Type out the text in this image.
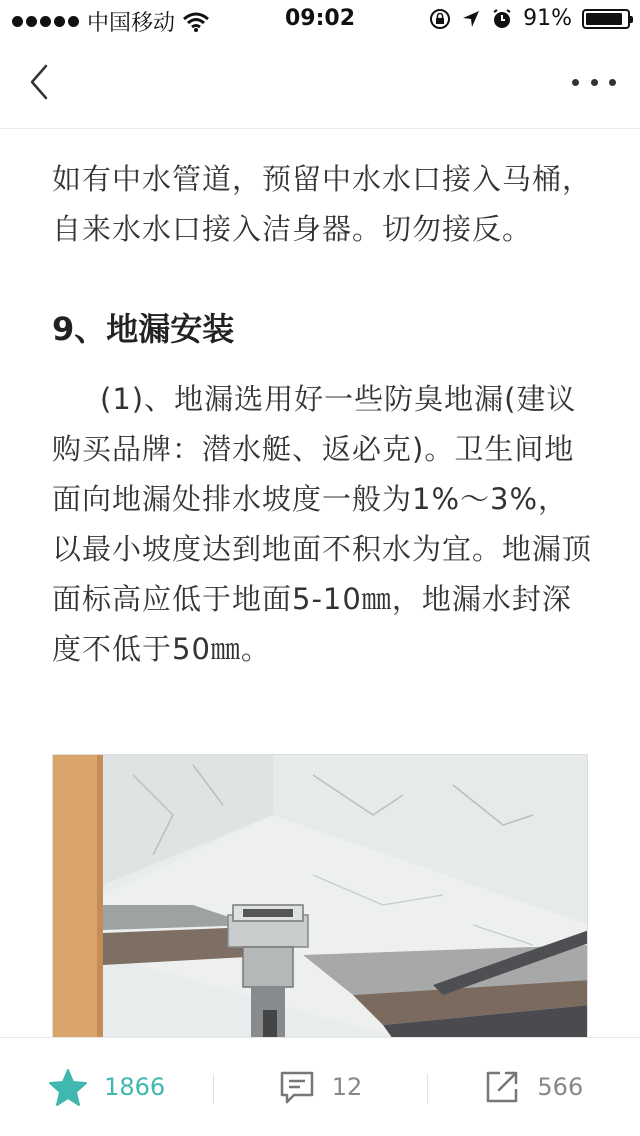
中国移动	09:02	91%

如有中水管道，预留中水水口接入马桶，自来水水口接入洁身器。切勿接反。

9、地漏安装

(1)、地漏选用好一些防臭地漏(建议购买品牌：潜水艇、返必克)。卫生间地面向地漏处排水坡度一般为1%～3%，以最小坡度达到地面不积水为宜。地漏顶面标高应低于地面5-10㎜，地漏水封深度不低于50㎜。

1866	12	566
